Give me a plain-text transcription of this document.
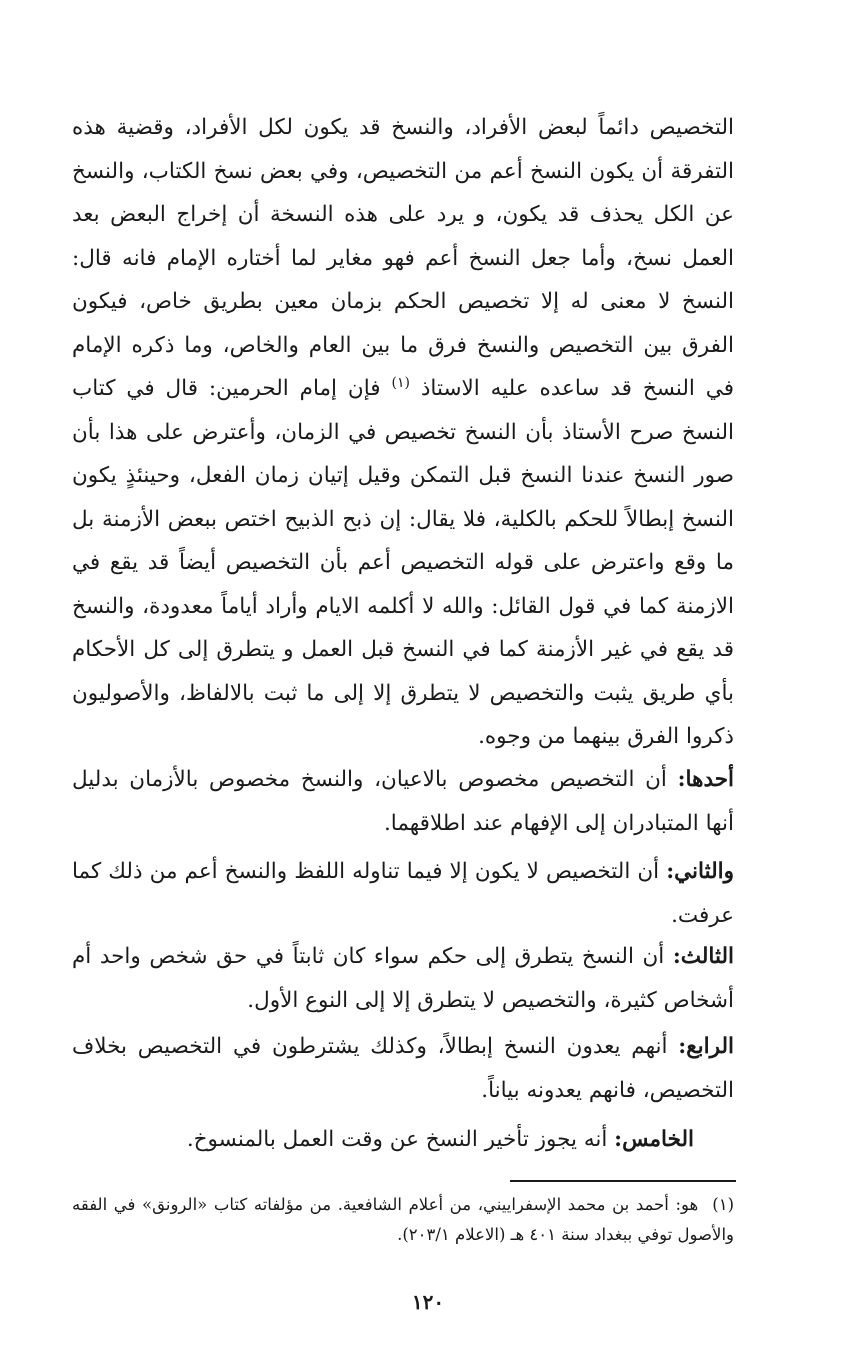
التخصيص دائماً لبعض الأفراد، والنسخ قد يكون لكل الأفراد، وقضية هذه التفرقة أن يكون النسخ أعم من التخصيص، وفي بعض نسخ الكتاب، والنسخ عن الكل يحذف قد يكون، و يرد على هذه النسخة أن إخراج البعض بعد العمل نسخ، وأما جعل النسخ أعم فهو مغاير لما أختاره الإمام فانه قال: النسخ لا معنى له إلا تخصيص الحكم بزمان معين بطريق خاص، فيكون الفرق بين التخصيص والنسخ فرق ما بين العام والخاص، وما ذكره الإمام في النسخ قد ساعده عليه الاستاذ $^{(١)}$ فإن إمام الحرمين: قال في كتاب النسخ صرح الأستاذ بأن النسخ تخصيص في الزمان، وأعترض على هذا بأن صور النسخ عندنا النسخ قبل التمكن وقيل إتيان زمان الفعل، وحينئذٍ يكون النسخ إبطالاً للحكم بالكلية، فلا يقال: إن ذبح الذبيح اختص ببعض الأزمنة بل ما وقع واعترض على قوله التخصيص أعم بأن التخصيص أيضاً قد يقع في الازمنة كما في قول القائل: والله لا أكلمه الايام وأراد أياماً معدودة، والنسخ قد يقع في غير الأزمنة كما في النسخ قبل العمل و يتطرق إلى كل الأحكام بأي طريق يثبت والتخصيص لا يتطرق إلا إلى ما ثبت بالالفاظ، والأصوليون ذكروا الفرق بينهما من وجوه.

أحدها: أن التخصيص مخصوص بالاعيان، والنسخ مخصوص بالأزمان بدليل أنها المتبادران إلى الإفهام عند اطلاقهما.

والثاني: أن التخصيص لا يكون إلا فيما تناوله اللفظ والنسخ أعم من ذلك كما عرفت.

الثالث: أن النسخ يتطرق إلى حكم سواء كان ثابتاً في حق شخص واحد أم أشخاص كثيرة، والتخصيص لا يتطرق إلا إلى النوع الأول.

الرابع: أنهم يعدون النسخ إبطالاً، وكذلك يشترطون في التخصيص بخلاف التخصيص، فانهم يعدونه بياناً.

الخامس: أنه يجوز تأخير النسخ عن وقت العمل بالمنسوخ.

(١)هو: أحمد بن محمد الإسفراييني، من أعلام الشافعية. من مؤلفاته كتاب «الرونق» في الفقه والأصول توفي ببغداد سنة ٤٠١ هـ (الاعلام ٢٠٣/١).
١٢٠
